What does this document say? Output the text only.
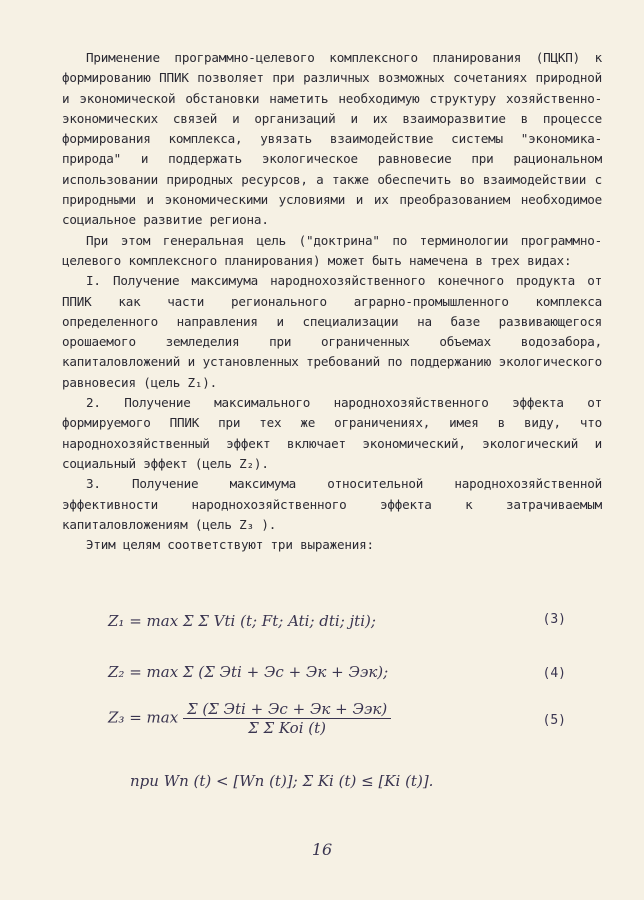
Применение программно-целевого комплексного планирования (ПЦКП) к формированию ППИК позволяет при различных возможных сочетаниях природной и экономической обстановки наметить необходимую структуру хозяйственно-экономических связей и организаций и их взаиморазвитие в процессе формирования комплекса, увязать взаимодействие системы "экономика-природа" и поддержать экологическое равновесие при рациональном использовании природных ресурсов, а также обеспечить во взаимодействии с природными и экономическими условиями и их преобразованием необходимое социальное развитие региона.

При этом генеральная цель ("доктрина" по терминологии программно-целевого комплексного планирования) может быть намечена в трех видах:

I. Получение максимума народнохозяйственного конечного продукта от ППИК как части регионального аграрно-промышленного комплекса определенного направления и специализации на базе развивающегося орошаемого земледелия при ограниченных объемах водозабора, капиталовложений и установленных требований по поддержанию экологического равновесия (цель Z₁).

2. Получение максимального народнохозяйственного эффекта от формируемого ППИК при тех же ограничениях, имея в виду, что народнохозяйственный эффект включает экономический, экологический и социальный эффект (цель Z₂).

3. Получение максимума относительной народнохозяйственной эффективности народнохозяйственного эффекта к затрачиваемым капиталовложениям (цель Z₃ ).

Этим целям соответствуют три выражения:

Z₁ = max Σ Σ Vti (t; Ft; Ati; dti; jti);	(3)
Z₂ = max Σ (Σ Эti + Эс + Эк + Ээк);	(4)
$Z_3 = \max \frac{\text{Σ (Σ Эti + Эс + Эк + Ээк)}}{\text{Σ Σ Koi (t)}}$	(5)
при Wn (t) < [Wn (t)]; Σ Ki (t) ≤ [Ki (t)].
16
